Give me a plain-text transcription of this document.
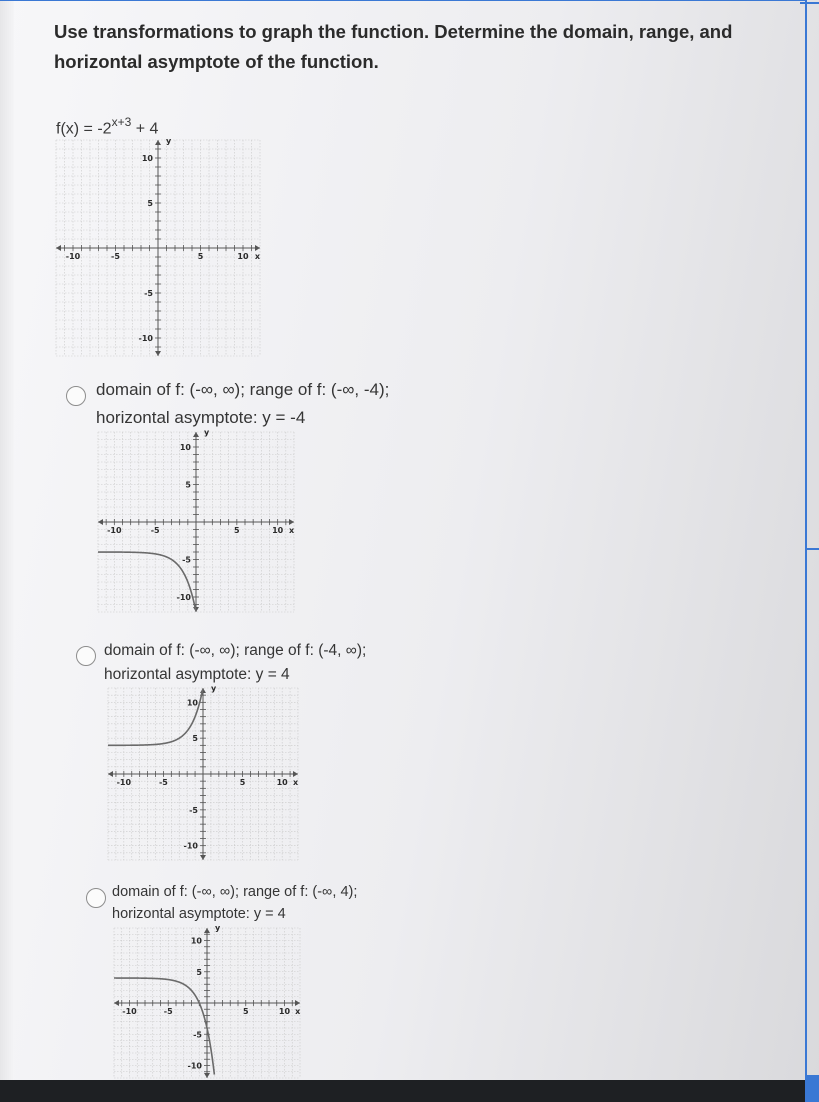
Use transformations to graph the function. Determine the domain, range, and horizontal asymptote of the function.
$f(x) = -2^{x+3} + 4$
-10	-5	5	10 x
10
5
-5
-10
y
domain of f: (-∞, ∞); range of f: (-∞, -4);
horizontal asymptote: y = -4
-10	-5	5	10 x
10
5
-5
-10
y
domain of f: (-∞, ∞); range of f: (-4, ∞);
horizontal asymptote: y = 4
-10	-5	5	10 x
10
5
-5
-10
y
domain of f: (-∞, ∞); range of f: (-∞, 4);
horizontal asymptote: y = 4
-10	-5	5	10 x
10
5
-5
-10
y
